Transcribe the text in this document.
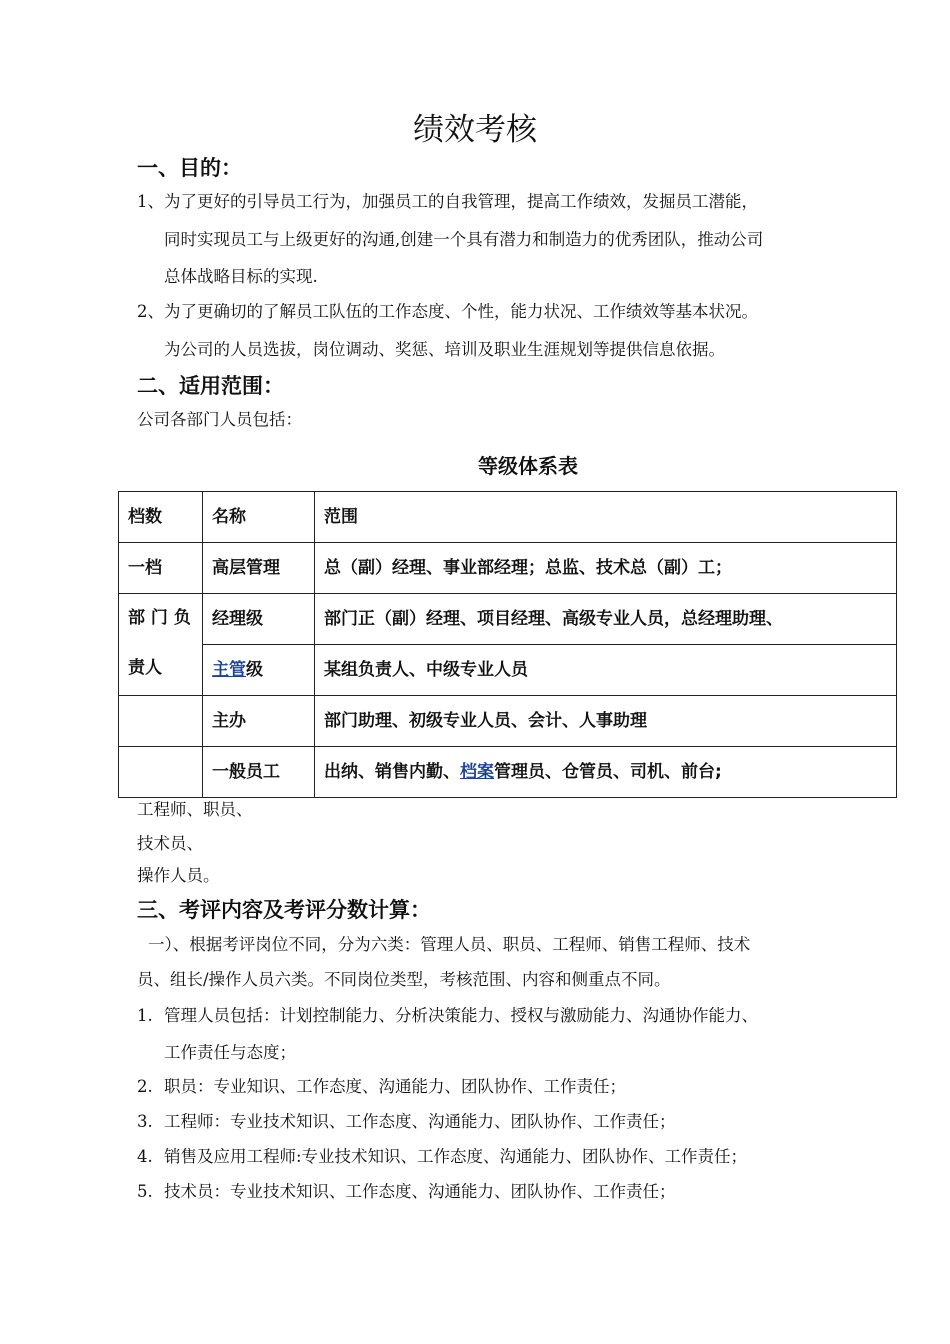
绩效考核
一、目的：
1、 为了更好的引导员工行为，加强员工的自我管理，提高工作绩效，发掘员工潜能，
同时实现员工与上级更好的沟通,创建一个具有潜力和制造力的优秀团队，推动公司
总体战略目标的实现.
2、 为了更确切的了解员工队伍的工作态度、个性，能力状况、工作绩效等基本状况。
为公司的人员选拔，岗位调动、奖惩、培训及职业生涯规划等提供信息依据。
二、适用范围：
公司各部门人员包括：
等级体系表
档数	名称	范围
一档	高层管理	总（副）经理、事业部经理；总监、技术总（副）工；
部 门 负
责人	经理级	部门正（副）经理、项目经理、高级专业人员，总经理助理、
	主管级	某组负责人、中级专业人员
	主办	部门助理、初级专业人员、会计、人事助理
	一般员工	出纳、销售内勤、档案管理员、仓管员、司机、前台;
工程师、职员、
技术员、
操作人员。
三、考评内容及考评分数计算：
一）、根据考评岗位不同，分为六类：管理人员、职员、工程师、销售工程师、技术
员、组长/操作人员六类。不同岗位类型，考核范围、内容和侧重点不同。
1. 管理人员包括：计划控制能力、分析决策能力、授权与激励能力、沟通协作能力、
工作责任与态度；
2. 职员：专业知识、工作态度、沟通能力、团队协作、工作责任；
3. 工程师：专业技术知识、工作态度、沟通能力、团队协作、工作责任；
4. 销售及应用工程师:专业技术知识、工作态度、沟通能力、团队协作、工作责任；
5. 技术员：专业技术知识、工作态度、沟通能力、团队协作、工作责任；
